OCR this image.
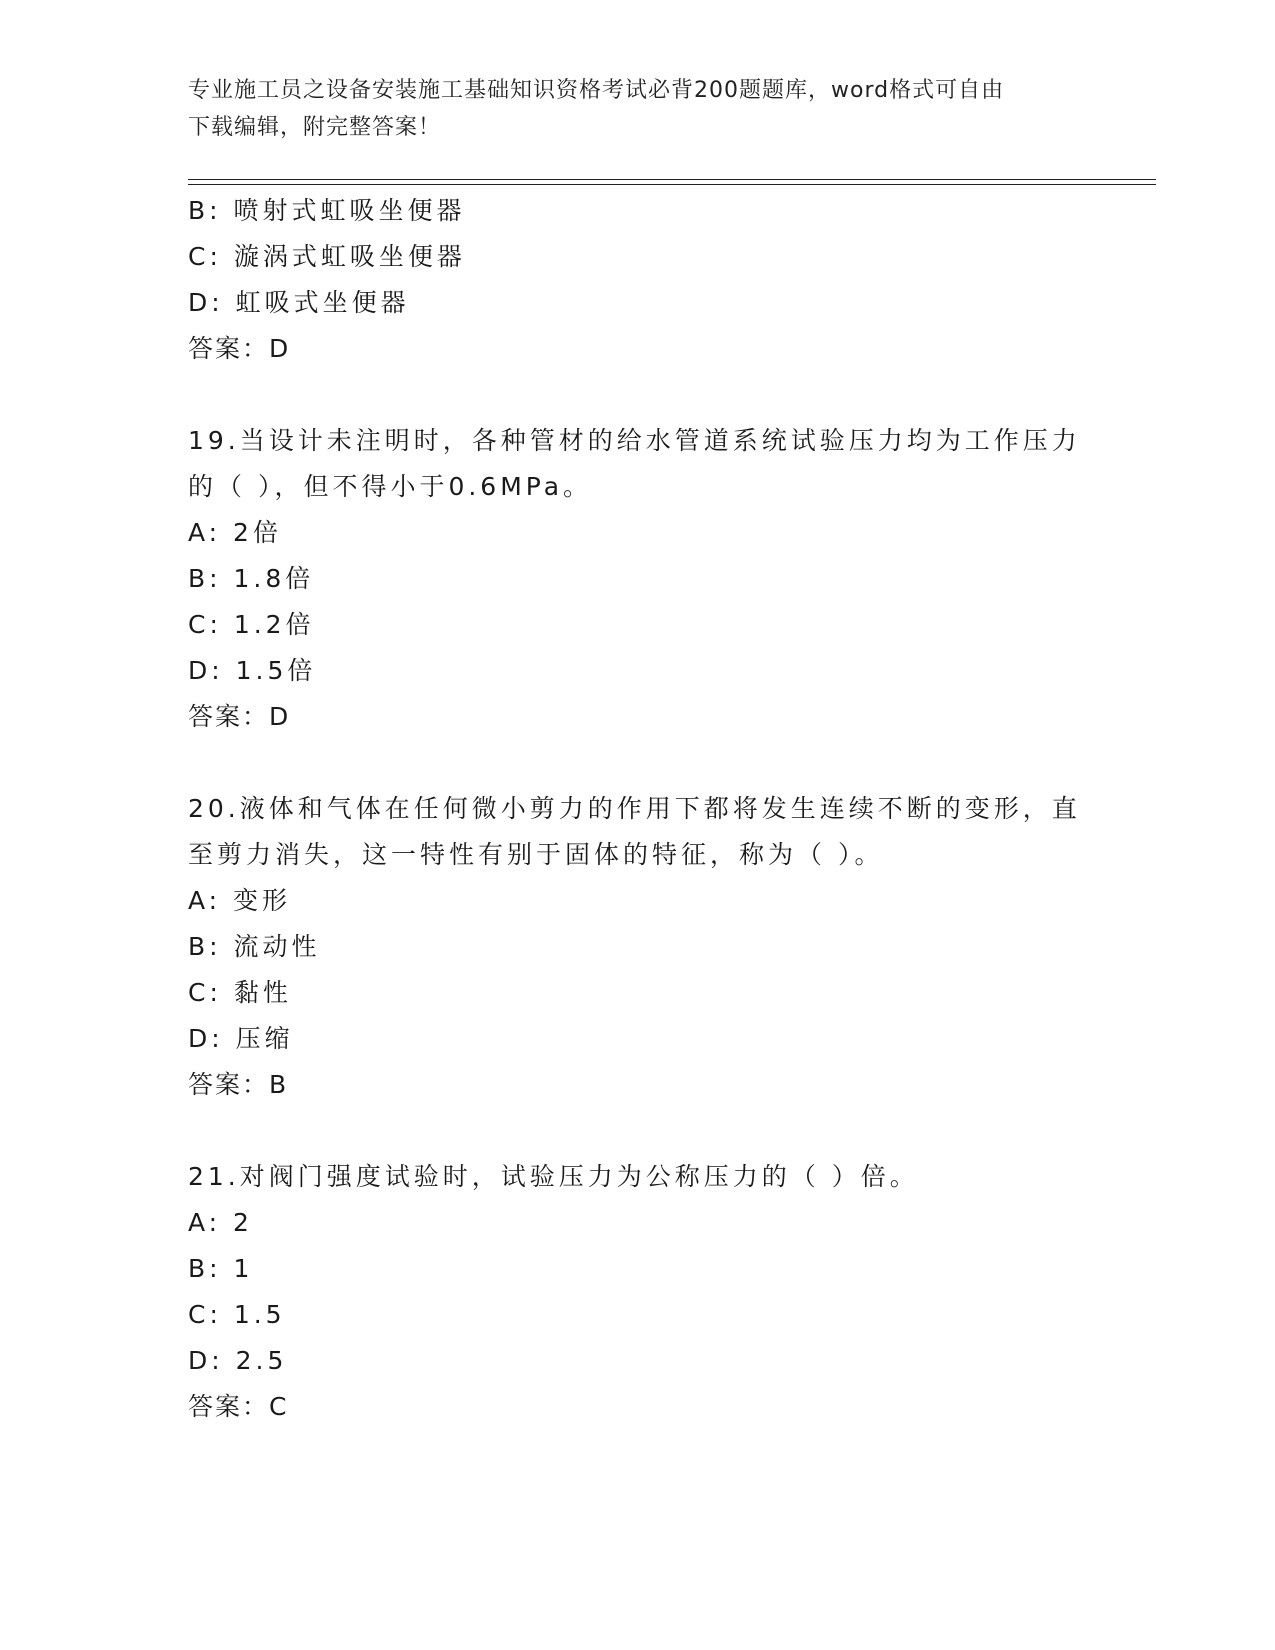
专业施工员之设备安装施工基础知识资格考试必背200题题库，word格式可自由
下载编辑，附完整答案！
B: 喷射式虹吸坐便器
C: 漩涡式虹吸坐便器
D: 虹吸式坐便器
答案：D
19.当设计未注明时，各种管材的给水管道系统试验压力均为工作压力
的（ ），但不得小于0.6MPa。
A: 2倍
B: 1.8倍
C: 1.2倍
D: 1.5倍
答案：D
20.液体和气体在任何微小剪力的作用下都将发生连续不断的变形，直
至剪力消失，这一特性有别于固体的特征，称为（ ）。
A: 变形
B: 流动性
C: 黏性
D: 压缩
答案：B
21.对阀门强度试验时，试验压力为公称压力的（ ）倍。
A: 2
B: 1
C: 1.5
D: 2.5
答案：C
